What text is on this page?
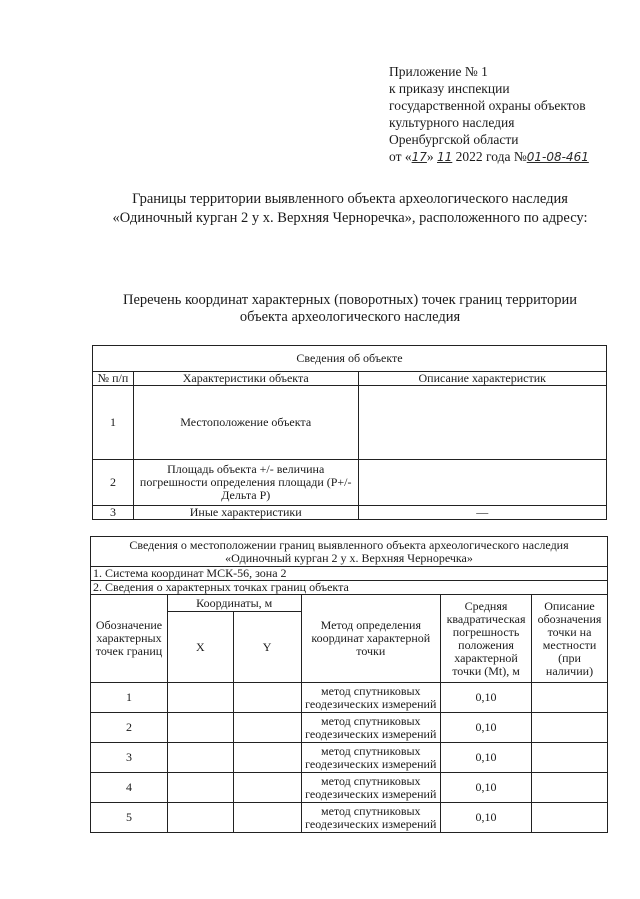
Приложение № 1
к приказу инспекции
государственной охраны объектов
культурного наследия
Оренбургской области
от «17» 11 2022 года №01-08-461
Границы территории выявленного объекта археологического наследия
«Одиночный курган 2 у х. Верхняя Черноречка», расположенного по адресу:
Перечень координат характерных (поворотных) точек границ территории
объекта археологического наследия
Сведения об объекте		
№ п/п	Характеристики объекта	Описание характеристик
1	Местоположение объекта	
2	Площадь объекта +/- величина погрешности определения площади (P+/- Дельта P)	
3	Иные характеристики	—
Сведения о местоположении границ выявленного объекта археологического наследия
«Одиночный курган 2 у х. Верхняя Черноречка»					

1. Система координат МСК-56, зона 2					
2. Сведения о характерных точках границ объекта					
Обозначение характерных точек границ	Координаты, м		Метод определения координат характерной точки	Средняя квадратическая погрешность положения характерной точки (Mt), м	Описание обозначения точки на местности (при наличии)
	X	Y			
1			метод спутниковых геодезических измерений	0,10	
2			метод спутниковых геодезических измерений	0,10	
3			метод спутниковых геодезических измерений	0,10	
4			метод спутниковых геодезических измерений	0,10	
5			метод спутниковых геодезических измерений	0,10	
